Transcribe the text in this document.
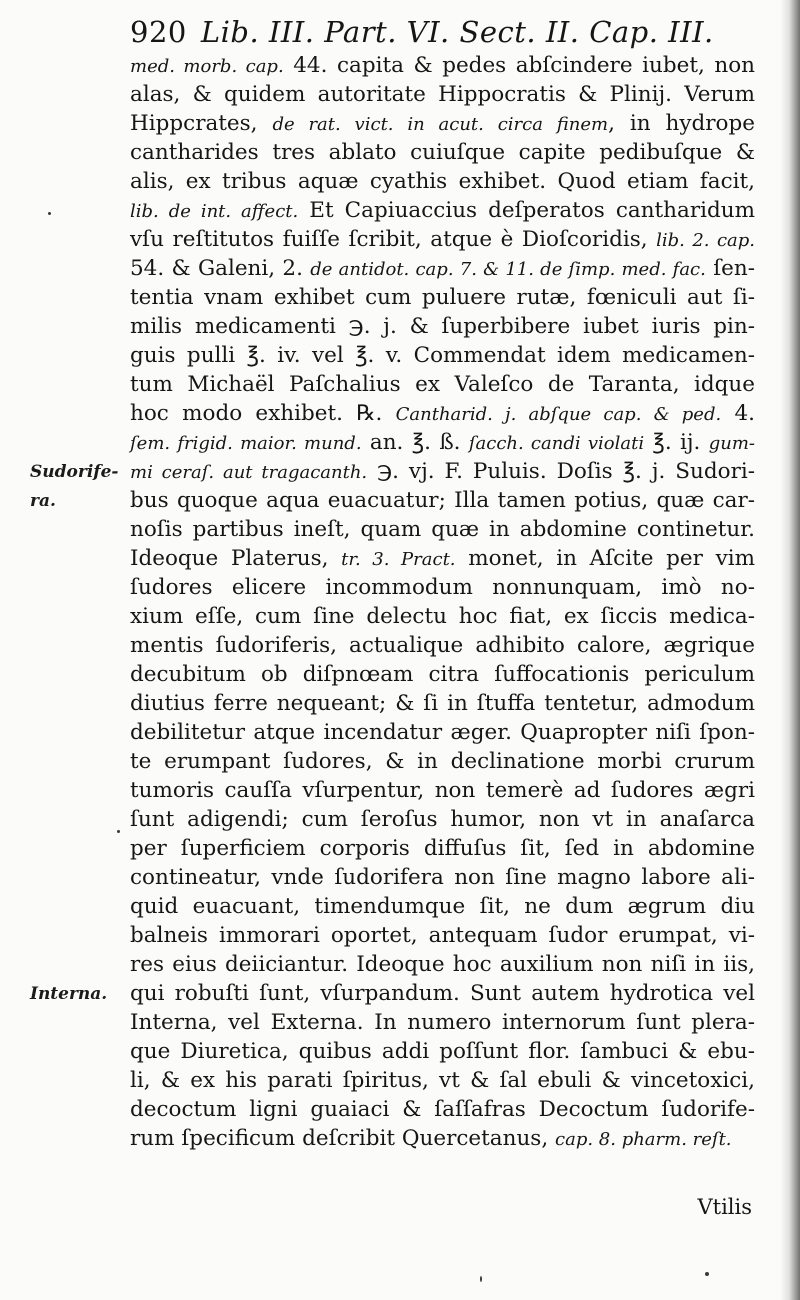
920 Lib. III. Part. VI. Sect. II. Cap. III.
med. morb. cap. 44. capita & pedes abſcindere iubet, non
alas, & quidem autoritate Hippocratis & Plinij. Verum
Hippcrates, de rat. vict. in acut. circa finem, in hydrope
cantharides tres ablato cuiuſque capite pedibuſque &
alis, ex tribus aquæ cyathis exhibet. Quod etiam facit,
lib. de int. affect. Et Capiuaccius deſperatos cantharidum
vſu reſtitutos fuiſſe ſcribit, atque è Dioſcoridis, lib. 2. cap.
54. & Galeni, 2. de antidot. cap. 7. & 11. de ſimp. med. fac. ſen-
tentia vnam exhibet cum puluere rutæ, fœniculi aut ſi-
milis medicamenti ℈. j. & ſuperbibere iubet iuris pin-
guis pulli ℥. iv. vel ℥. v. Commendat idem medicamen-
tum Michaël Paſchalius ex Valeſco de Taranta, idque
hoc modo exhibet. ℞. Cantharid. j. abſque cap. & ped. 4.
ſem. frigid. maior. mund. an. ℥. ß. ſacch. candi violati ℥. ij. gum-
mi ceraſ. aut tragacanth. ℈. vj. F. Puluis. Doſis ℥. j. Sudori-
bus quoque aqua euacuatur; Illa tamen potius, quæ car-
noſis partibus ineſt, quam quæ in abdomine continetur.
Ideoque Platerus, tr. 3. Pract. monet, in Aſcite per vim
ſudores elicere incommodum nonnunquam, imò no-
xium eſſe, cum ſine delectu hoc fiat, ex ſiccis medica-
mentis ſudoriferis, actualique adhibito calore, ægrique
decubitum ob diſpnœam citra ſuffocationis periculum
diutius ferre nequeant; & ſi in ſtuffa tentetur, admodum
debilitetur atque incendatur æger. Quapropter niſi ſpon-
te erumpant ſudores, & in declinatione morbi crurum
tumoris cauſſa vſurpentur, non temerè ad ſudores ægri
ſunt adigendi; cum ſeroſus humor, non vt in anaſarca
per ſuperficiem corporis diffuſus ſit, ſed in abdomine
contineatur, vnde ſudorifera non ſine magno labore ali-
quid euacuant, timendumque ſit, ne dum ægrum diu
balneis immorari oportet, antequam ſudor erumpat, vi-
res eius deiiciantur. Ideoque hoc auxilium non niſi in iis,
qui robuſti ſunt, vſurpandum. Sunt autem hydrotica vel
Interna, vel Externa. In numero internorum ſunt plera-
que Diuretica, quibus addi poſſunt flor. ſambuci & ebu-
li, & ex his parati ſpiritus, vt & ſal ebuli & vincetoxici,
decoctum ligni guaiaci & ſaſſafras Decoctum ſudorife-
rum ſpecificum deſcribit Quercetanus, cap. 8. pharm. reſt.
Sudorife-
ra.
Interna.
Vtilis
